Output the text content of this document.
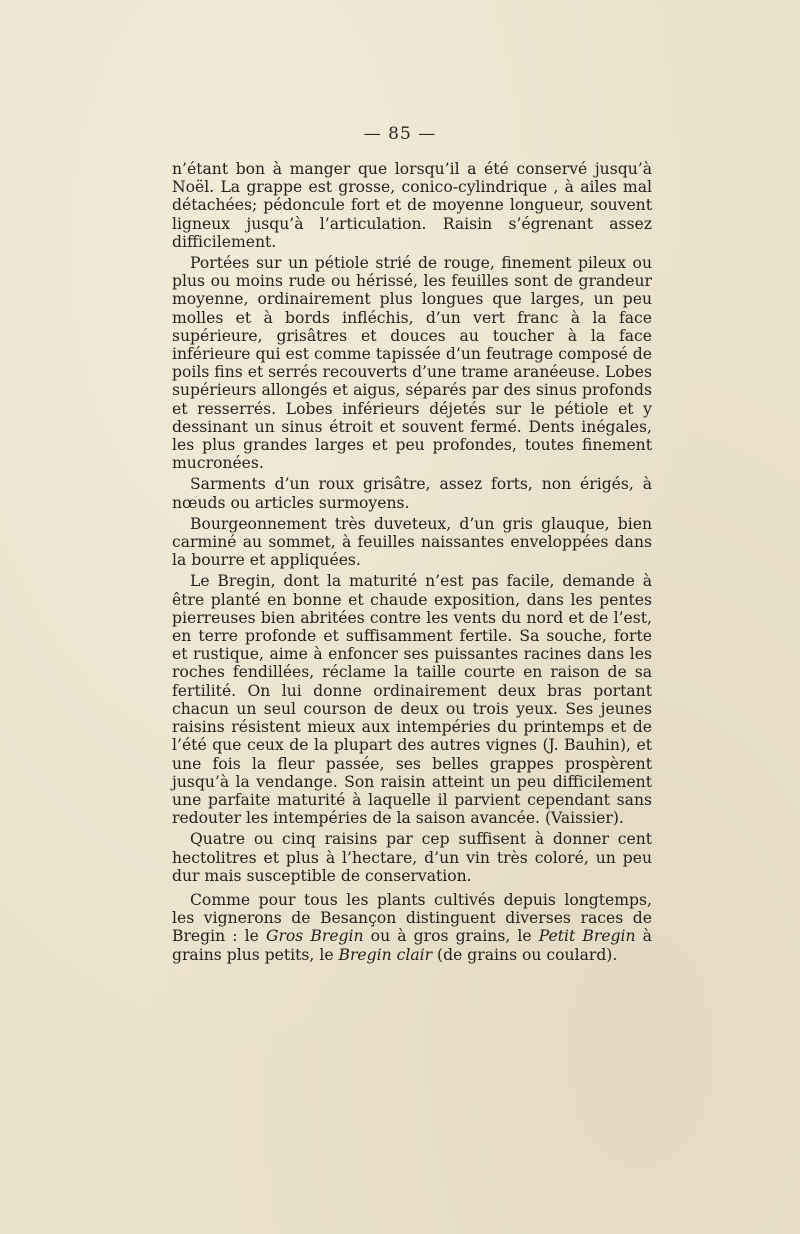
— 85 —

n’étant bon à manger que lorsqu’il a été conservé jusqu’à Noël. La grappe est grosse, conico-cylindrique , à ailes mal détachées; pédoncule fort et de moyenne longueur, souvent ligneux jusqu’à l’articulation. Raisin s’égrenant assez difficilement.

Portées sur un pétiole strié de rouge, finement pileux ou plus ou moins rude ou hérissé, les feuilles sont de grandeur moyenne, ordinairement plus longues que larges, un peu molles et à bords infléchis, d’un vert franc à la face supérieure, grisâtres et douces au toucher à la face inférieure qui est comme tapissée d’un feutrage composé de poils fins et serrés recouverts d’une trame aranéeuse. Lobes supérieurs allongés et aigus, séparés par des sinus profonds et resserrés. Lobes inférieurs déjetés sur le pétiole et y dessinant un sinus étroit et souvent fermé. Dents inégales, les plus grandes larges et peu profondes, toutes finement mucronées.

Sarments d’un roux grisâtre, assez forts, non érigés, à nœuds ou articles surmoyens.

Bourgeonnement très duveteux, d’un gris glauque, bien carminé au sommet, à feuilles naissantes enveloppées dans la bourre et appliquées.

Le Bregin, dont la maturité n’est pas facile, demande à être planté en bonne et chaude exposition, dans les pentes pierreuses bien abritées contre les vents du nord et de l’est, en terre profonde et suffisamment fertile. Sa souche, forte et rustique, aime à enfoncer ses puissantes racines dans les roches fendillées, réclame la taille courte en raison de sa fertilité. On lui donne ordinairement deux bras portant chacun un seul courson de deux ou trois yeux. Ses jeunes raisins résistent mieux aux intempéries du printemps et de l’été que ceux de la plupart des autres vignes (J. Bauhin), et une fois la fleur passée, ses belles grappes prospèrent jusqu’à la vendange. Son raisin atteint un peu difficilement une parfaite maturité à laquelle il parvient cependant sans redouter les intempéries de la saison avancée. (Vaissier).

Quatre ou cinq raisins par cep suffisent à donner cent hectolitres et plus à l’hectare, d’un vin très coloré, un peu dur mais susceptible de conservation.

Comme pour tous les plants cultivés depuis longtemps, les vignerons de Besançon distinguent diverses races de Bregin : le Gros Bregin ou à gros grains, le Petit Bregin à grains plus petits, le Bregin clair (de grains ou coulard).
